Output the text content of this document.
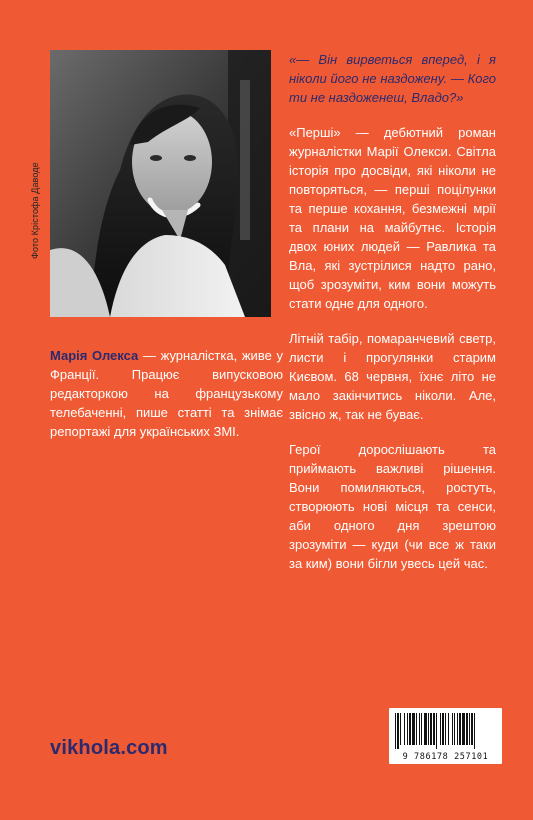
Фото Крістофа Даводе

Марія Олекса — журналістка, живе у Франції. Працює випусковою редакторкою на французькому телебаченні, пише статті та знімає репортажі для українських ЗМІ.

«— Він вирветься вперед, і я ніколи його не наздожену. — Кого ти не наздоженеш, Владо?»

«Перші» — дебютний роман журналістки Марії Олекси. Світла історія про досвіди, які ніколи не повторяться, — перші поцілунки та перше кохання, безмежні мрії та плани на майбутнє. Історія двох юних людей — Равлика та Вла, які зустрілися надто рано, щоб зрозуміти, ким вони можуть стати одне для одного.

Літній табір, помаранчевий светр, листи і прогулянки старим Києвом. 68 червня, їхнє літо не мало закінчитись ніколи. Але, звісно ж, так не буває.

Герої дорослішають та приймають важливі рішення. Вони помиляються, ростуть, створюють нові місця та сенси, аби одного дня зрештою зрозуміти — куди (чи все ж таки за ким) вони бігли увесь цей час.

vikhola.com	9 786178 257101
